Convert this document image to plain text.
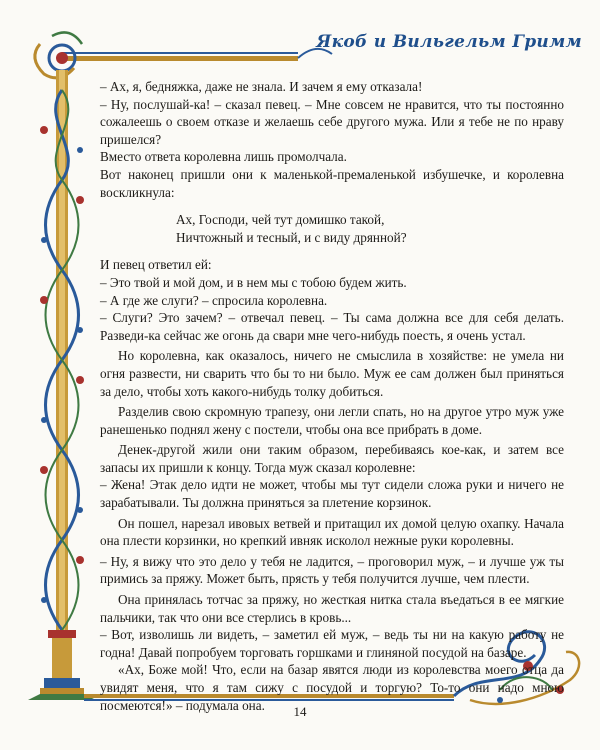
Якоб и Вильгельм Гримм

– Ах, я, бедняжка, даже не знала. И зачем я ему отказала!

– Ну, послушай-ка! – сказал певец. – Мне совсем не нравится, что ты постоянно сожалеешь о своем отказе и желаешь себе другого мужа. Или я тебе не по нраву пришелся?

Вместо ответа королевна лишь промолчала.

Вот наконец пришли они к маленькой-премаленькой избушечке, и королевна воскликнула:

Ах, Господи, чей тут домишко такой,
Ничтожный и тесный, и с виду дрянной?

И певец ответил ей:

– Это твой и мой дом, и в нем мы с тобою будем жить.

– А где же слуги? – спросила королевна.

– Слуги? Это зачем? – отвечал певец. – Ты сама должна все для себя делать. Разведи-ка сейчас же огонь да свари мне чего-нибудь поесть, я очень устал.

Но королевна, как оказалось, ничего не смыслила в хозяйстве: не умела ни огня развести, ни сварить что бы то ни было. Муж ее сам должен был приняться за дело, чтобы хоть какого-нибудь толку добиться.

Разделив свою скромную трапезу, они легли спать, но на другое утро муж уже ранешенько поднял жену с постели, чтобы она все прибрать в доме.

Денек-другой жили они таким образом, перебиваясь кое-как, и затем все запасы их пришли к концу. Тогда муж сказал королевне:

– Жена! Этак дело идти не может, чтобы мы тут сидели сложа руки и ничего не зарабатывали. Ты должна приняться за плетение корзинок.

Он пошел, нарезал ивовых ветвей и притащил их домой целую охапку. Начала она плести корзинки, но крепкий ивняк исколол нежные руки королевны.

– Ну, я вижу что это дело у тебя не ладится, – проговорил муж, – и лучше уж ты примись за пряжу. Может быть, прясть у тебя получится лучше, чем плести.

Она принялась тотчас за пряжу, но жесткая нитка стала въедаться в ее мягкие пальчики, так что они все стерлись в кровь...

– Вот, изволишь ли видеть, – заметил ей муж, – ведь ты ни на какую работу не годна! Давай попробуем торговать горшками и глиняной посудой на базаре.

«Ах, Боже мой! Что, если на базар явятся люди из королевства моего отца да увидят меня, что я там сижу с посудой и торгую? То-то они надо мною посмеются!» – подумала она.	14
